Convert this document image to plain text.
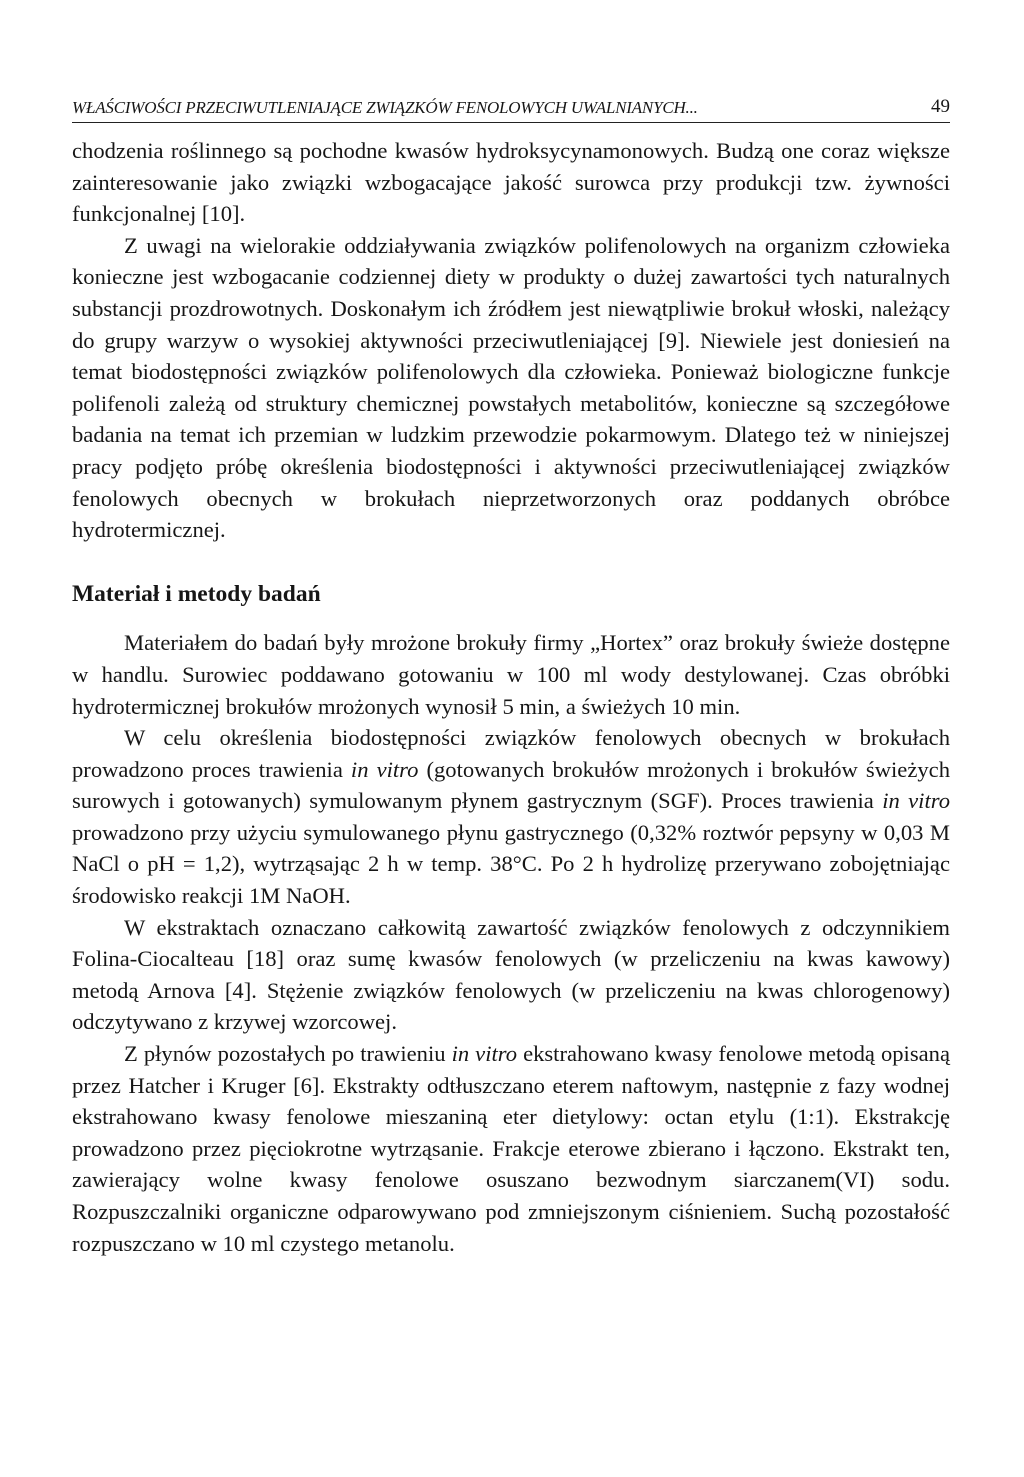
WŁAŚCIWOŚCI PRZECIWUTLENIAJĄCE ZWIĄZKÓW FENOLOWYCH UWALNIANYCH...	49

chodzenia roślinnego są pochodne kwasów hydroksycynamonowych. Budzą one coraz większe zainteresowanie jako związki wzbogacające jakość surowca przy produkcji tzw. żywności funkcjonalnej [10].

Z uwagi na wielorakie oddziaływania związków polifenolowych na organizm człowieka konieczne jest wzbogacanie codziennej diety w produkty o dużej zawartości tych naturalnych substancji prozdrowotnych. Doskonałym ich źródłem jest niewątpliwie brokuł włoski, należący do grupy warzyw o wysokiej aktywności przeciwutleniającej [9]. Niewiele jest doniesień na temat biodostępności związków polifenolowych dla człowieka. Ponieważ biologiczne funkcje polifenoli zależą od struktury chemicznej powstałych metabolitów, konieczne są szczegółowe badania na temat ich przemian w ludzkim przewodzie pokarmowym. Dlatego też w niniejszej pracy podjęto próbę określenia biodostępności i aktywności przeciwutleniającej związków fenolowych obecnych w brokułach nieprzetworzonych oraz poddanych obróbce hydrotermicznej.

Materiał i metody badań

Materiałem do badań były mrożone brokuły firmy „Hortex” oraz brokuły świeże dostępne w handlu. Surowiec poddawano gotowaniu w 100 ml wody destylowanej. Czas obróbki hydrotermicznej brokułów mrożonych wynosił 5 min, a świeżych 10 min.

W celu określenia biodostępności związków fenolowych obecnych w brokułach prowadzono proces trawienia in vitro (gotowanych brokułów mrożonych i brokułów świeżych surowych i gotowanych) symulowanym płynem gastrycznym (SGF). Proces trawienia in vitro prowadzono przy użyciu symulowanego płynu gastrycznego (0,32% roztwór pepsyny w 0,03 M NaCl o pH = 1,2), wytrząsając 2 h w temp. 38°C. Po 2 h hydrolizę przerywano zobojętniając środowisko reakcji 1M NaOH.

W ekstraktach oznaczano całkowitą zawartość związków fenolowych z odczynnikiem Folina-Ciocalteau [18] oraz sumę kwasów fenolowych (w przeliczeniu na kwas kawowy) metodą Arnova [4]. Stężenie związków fenolowych (w przeliczeniu na kwas chlorogenowy) odczytywano z krzywej wzorcowej.

Z płynów pozostałych po trawieniu in vitro ekstrahowano kwasy fenolowe metodą opisaną przez Hatcher i Kruger [6]. Ekstrakty odtłuszczano eterem naftowym, następnie z fazy wodnej ekstrahowano kwasy fenolowe mieszaniną eter dietylowy: octan etylu (1:1). Ekstrakcję prowadzono przez pięciokrotne wytrząsanie. Frakcje eterowe zbierano i łączono. Ekstrakt ten, zawierający wolne kwasy fenolowe osuszano bezwodnym siarczanem(VI) sodu. Rozpuszczalniki organiczne odparowywano pod zmniejszonym ciśnieniem. Suchą pozostałość rozpuszczano w 10 ml czystego metanolu.
